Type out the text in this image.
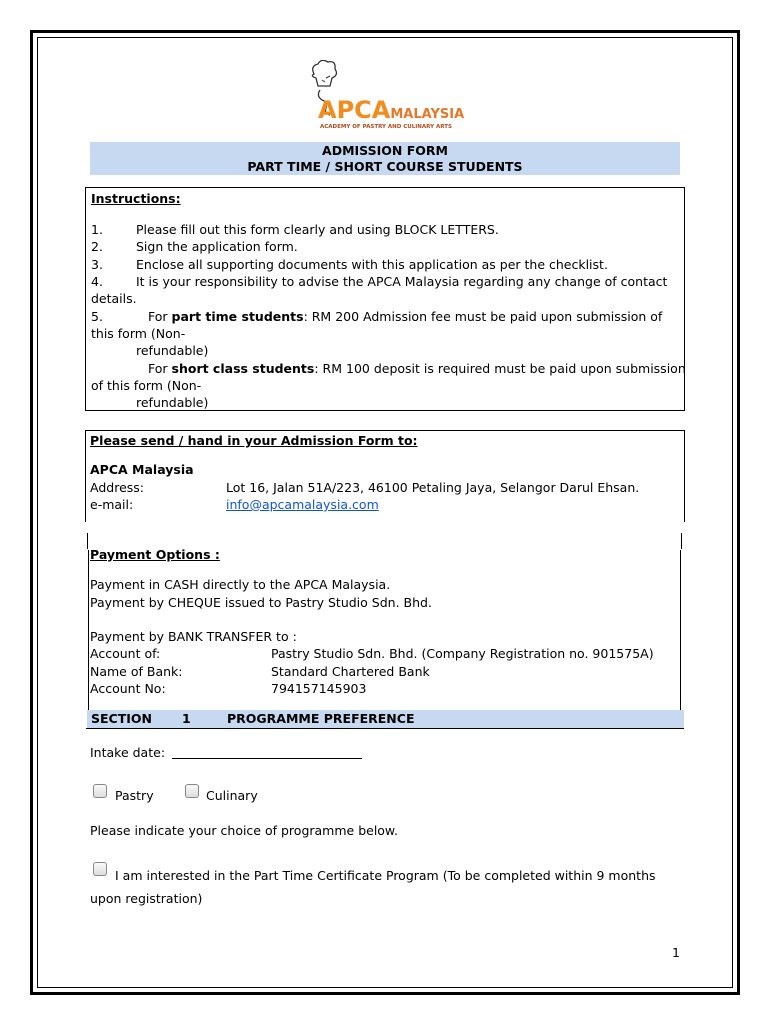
APCAMALAYSIA
ACADEMY OF PASTRY AND CULINARY ARTS
ADMISSION FORM
PART TIME / SHORT COURSE STUDENTS
Instructions:
1.	Please fill out this form clearly and using BLOCK LETTERS.
2.	Sign the application form.
3.	Enclose all supporting documents with this application as per the checklist.
4.	It is your responsibility to advise the APCA Malaysia regarding any change of contact
details.
5.	For part time students: RM 200 Admission fee must be paid upon submission of
this form (Non-
refundable)
For short class students: RM 100 deposit is required must be paid upon submission
of this form (Non-
refundable)
Please send / hand in your Admission Form to:
APCA Malaysia
Address:	Lot 16, Jalan 51A/223, 46100 Petaling Jaya, Selangor Darul Ehsan.
e-mail:	info@apcamalaysia.com
Payment Options :
Payment in CASH directly to the APCA Malaysia.
Payment by CHEQUE issued to Pastry Studio Sdn. Bhd.
Payment by BANK TRANSFER to :
Account of:	Pastry Studio Sdn. Bhd. (Company Registration no. 901575A)
Name of Bank:	Standard Chartered Bank
Account No:	794157145903
SECTION 1	PROGRAMME PREFERENCE
Intake date:
Pastry	Culinary
Please indicate your choice of programme below.
I am interested in the Part Time Certificate Program (To be completed within 9 months
upon registration)
1
